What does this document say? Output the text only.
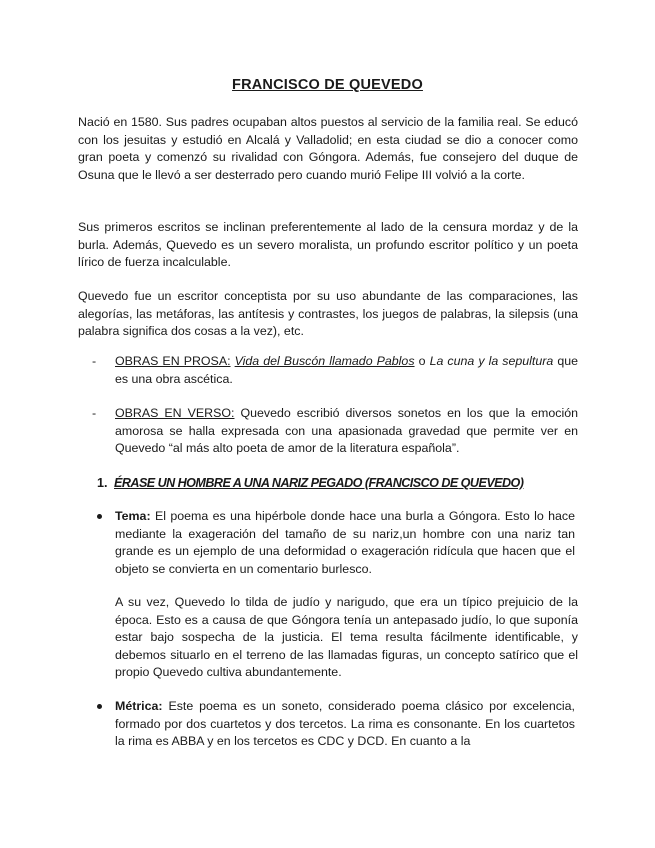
FRANCISCO DE QUEVEDO

Nació en 1580. Sus padres ocupaban altos puestos al servicio de la familia real. Se educó con los jesuitas y estudió en Alcalá y Valladolid; en esta ciudad se dio a conocer como gran poeta y comenzó su rivalidad con Góngora. Además, fue consejero del duque de Osuna que le llevó a ser desterrado pero cuando murió Felipe III volvió a la corte.

Sus primeros escritos se inclinan preferentemente al lado de la censura mordaz y de la burla. Además, Quevedo es un severo moralista, un profundo escritor político y un poeta lírico de fuerza incalculable.

Quevedo fue un escritor conceptista por su uso abundante de las comparaciones, las alegorías, las metáforas, las antítesis y contrastes, los juegos de palabras, la silepsis (una palabra significa dos cosas a la vez), etc.

- OBRAS EN PROSA: Vida del Buscón llamado Pablos o La cuna y la sepultura que es una obra ascética.

- OBRAS EN VERSO: Quevedo escribió diversos sonetos en los que la emoción amorosa se halla expresada con una apasionada gravedad que permite ver en Quevedo “al más alto poeta de amor de la literatura española”.

1. ÉRASE UN HOMBRE A UNA NARIZ PEGADO (FRANCISCO DE QUEVEDO)

Tema: El poema es una hipérbole donde hace una burla a Góngora. Esto lo hace mediante la exageración del tamaño de su nariz,un hombre con una nariz tan grande es un ejemplo de una deformidad o exageración ridícula que hacen que el objeto se convierta en un comentario burlesco.

A su vez, Quevedo lo tilda de judío y narigudo, que era un típico prejuicio de la época. Esto es a causa de que Góngora tenía un antepasado judío, lo que suponía estar bajo sospecha de la justicia. El tema resulta fácilmente identificable, y debemos situarlo en el terreno de las llamadas figuras, un concepto satírico que el propio Quevedo cultiva abundantemente.

Métrica: Este poema es un soneto, considerado poema clásico por excelencia, formado por dos cuartetos y dos tercetos. La rima es consonante. En los cuartetos la rima es ABBA y en los tercetos es CDC y DCD. En cuanto a la
